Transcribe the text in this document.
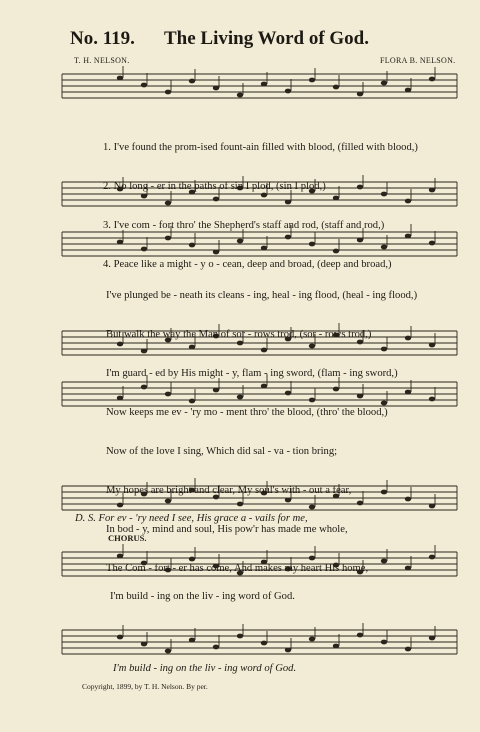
No. 119. The Living Word of God.
T. H. NELSON.	FLORA B. NELSON.

1. I've found the prom-ised fount-ain filled with blood, (filled with blood,)

2. No long - er in the paths of sin I plod, (sin I plod,)

3. I've com - fort thro' the Shepherd's staff and rod, (staff and rod,)

4. Peace like a might - y o - cean, deep and broad, (deep and broad,)

I've plunged be - neath its cleans - ing, heal - ing flood, (heal - ing flood,)

But walk the way the Man of sor - rows trod, (sor - rows trod,)

I'm guard - ed by His might - y, flam - ing sword, (flam - ing sword,)

Now keeps me ev - 'ry mo - ment thro' the blood, (thro' the blood,)

Now of the love I sing, Which did sal - va - tion bring;

My hopes are bright and clear, My soul's with - out a fear,

In bod - y, mind and soul, His pow'r has made me whole,

The Com - fort - er has come, And makes my heart His home,

D. S. For ev - 'ry need I see, His grace a - vails for me,
CHORUS.
I'm build - ing on the liv - ing word of God.
I'm build - ing on the liv - ing word of God.
Copyright, 1899, by T. H. Nelson. By per.
